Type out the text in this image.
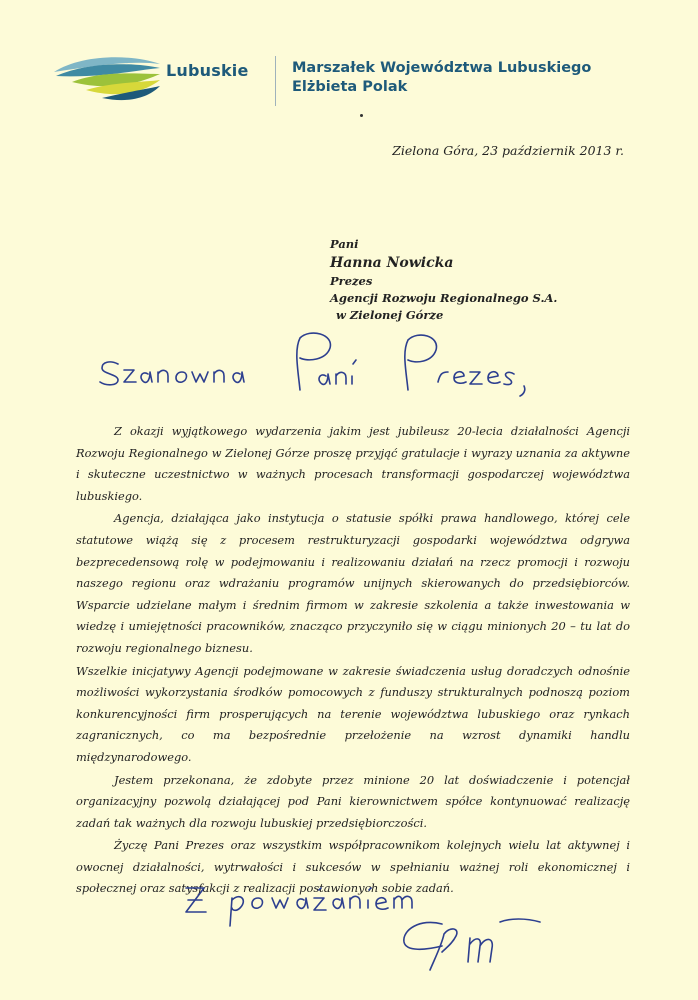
Lubuskie	Marszałek Województwa Lubuskiego
Elżbieta Polak
Zielona Góra, 23 październik 2013 r.
Pani
Hanna Nowicka
Prezes
Agencji Rozwoju Regionalnego S.A.
w Zielonej Górze

Z okazji wyjątkowego wydarzenia jakim jest jubileusz 20-lecia działalności Agencji Rozwoju Regionalnego w Zielonej Górze proszę przyjąć gratulacje i wyrazy uznania za aktywne i skuteczne uczestnictwo w ważnych procesach transformacji gospodarczej województwa lubuskiego.

Agencja, działająca jako instytucja o statusie spółki prawa handlowego, której cele statutowe wiążą się z procesem restrukturyzacji gospodarki województwa odgrywa bezprecedensową rolę w podejmowaniu i realizowaniu działań na rzecz promocji i rozwoju naszego regionu oraz wdrażaniu programów unijnych skierowanych do przedsiębiorców. Wsparcie udzielane małym i średnim firmom w zakresie szkolenia a także inwestowania w wiedzę i umiejętności pracowników, znacząco przyczyniło się w ciągu minionych 20 – tu lat do rozwoju regionalnego biznesu.

Wszelkie inicjatywy Agencji podejmowane w zakresie świadczenia usług doradczych odnośnie możliwości wykorzystania środków pomocowych z funduszy strukturalnych podnoszą poziom konkurencyjności firm prosperujących na terenie województwa lubuskiego oraz rynkach zagranicznych, co ma bezpośrednie przełożenie na wzrost dynamiki handlu międzynarodowego.

Jestem przekonana, że zdobyte przez minione 20 lat doświadczenie i potencjał organizacyjny pozwolą działającej pod Pani kierownictwem spółce kontynuować realizację zadań tak ważnych dla rozwoju lubuskiej przedsiębiorczości.

Życzę Pani Prezes oraz wszystkim współpracownikom kolejnych wielu lat aktywnej i owocnej działalności, wytrwałości i sukcesów w spełnianiu ważnej roli ekonomicznej i społecznej oraz satysfakcji z realizacji postawionych sobie zadań.
